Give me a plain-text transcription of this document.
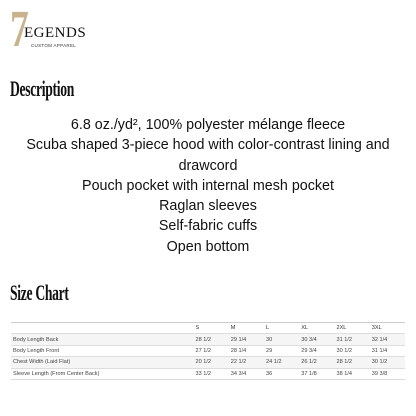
7
EGENDS
CUSTOM APPAREL
Description
6.8 oz./yd², 100% polyester mélange fleece
Scuba shaped 3-piece hood with color-contrast lining and
drawcord
Pouch pocket with internal mesh pocket
Raglan sleeves
Self-fabric cuffs
Open bottom
Size Chart
	S	M	L	XL	2XL	3XL
Body Length Back	28 1/2	29 1/4	30	30 3/4	31 1/2	32 1/4
Body Length Front	27 1/2	28 1/4	29	29 3/4	30 1/2	31 1/4
Chest Width (Laid Flat)	20 1/2	22 1/2	24 1/2	26 1/2	28 1/2	30 1/2
Sleeve Length (From Center Back)	33 1/2	34 3/4	36	37 1/8	38 1/4	39 3/8
